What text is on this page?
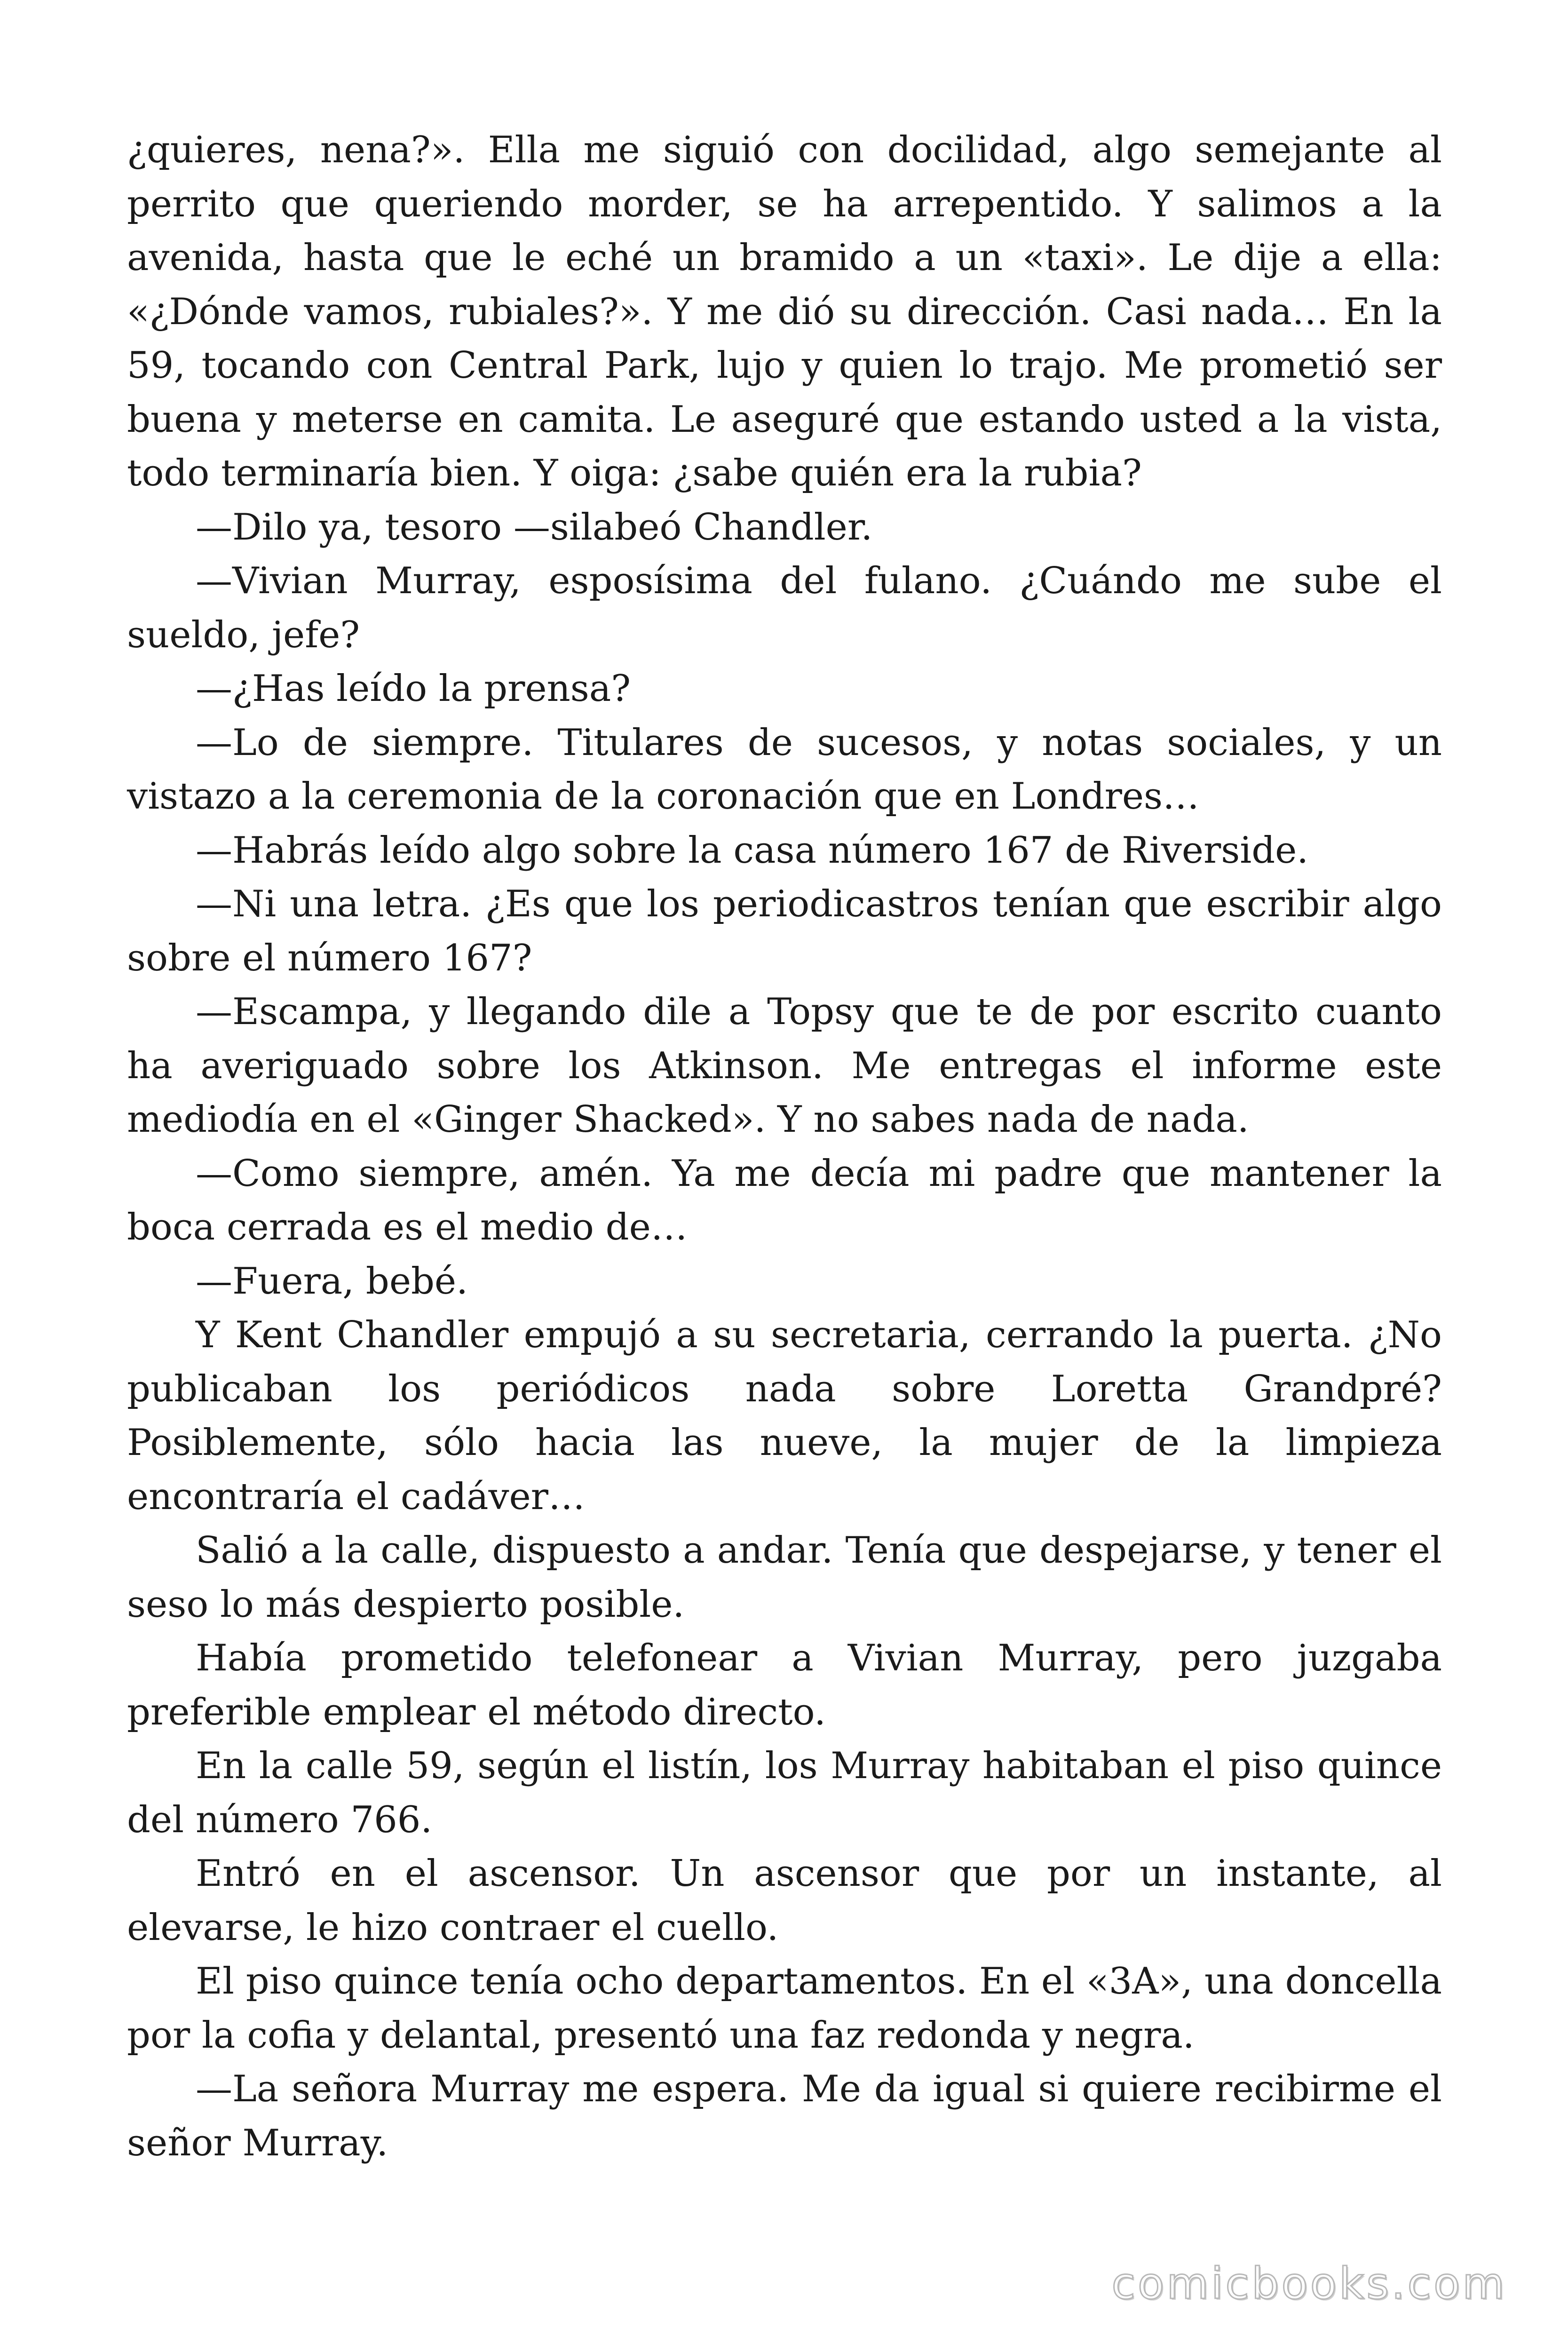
¿quieres, nena?». Ella me siguió con docilidad, algo semejante al perrito que queriendo morder, se ha arrepentido. Y salimos a la avenida, hasta que le eché un bramido a un «taxi». Le dije a ella: «¿Dónde vamos, rubiales?». Y me dió su dirección. Casi nada… En la 59, tocando con Central Park, lujo y quien lo trajo. Me prometió ser buena y meterse en camita. Le aseguré que estando usted a la vista, todo terminaría bien. Y oiga: ¿sabe quién era la rubia?

—Dilo ya, tesoro —silabeó Chandler.

—Vivian Murray, esposísima del fulano. ¿Cuándo me sube el sueldo, jefe?

—¿Has leído la prensa?

—Lo de siempre. Titulares de sucesos, y notas sociales, y un vistazo a la ceremonia de la coronación que en Londres…

—Habrás leído algo sobre la casa número 167 de Riverside.

—Ni una letra. ¿Es que los periodicastros tenían que escribir algo sobre el número 167?

—Escampa, y llegando dile a Topsy que te de por escrito cuanto ha averiguado sobre los Atkinson. Me entregas el informe este mediodía en el «Ginger Shacked». Y no sabes nada de nada.

—Como siempre, amén. Ya me decía mi padre que mantener la boca cerrada es el medio de…

—Fuera, bebé.

Y Kent Chandler empujó a su secretaria, cerrando la puerta. ¿No publicaban los periódicos nada sobre Loretta Grandpré? Posiblemente, sólo hacia las nueve, la mujer de la limpieza encontraría el cadáver…

Salió a la calle, dispuesto a andar. Tenía que despejarse, y tener el seso lo más despierto posible.

Había prometido telefonear a Vivian Murray, pero juzgaba preferible emplear el método directo.

En la calle 59, según el listín, los Murray habitaban el piso quince del número 766.

Entró en el ascensor. Un ascensor que por un instante, al elevarse, le hizo contraer el cuello.

El piso quince tenía ocho departamentos. En el «3A», una doncella por la cofia y delantal, presentó una faz redonda y negra.

—La señora Murray me espera. Me da igual si quiere recibirme el señor Murray.

comicbooks.com
